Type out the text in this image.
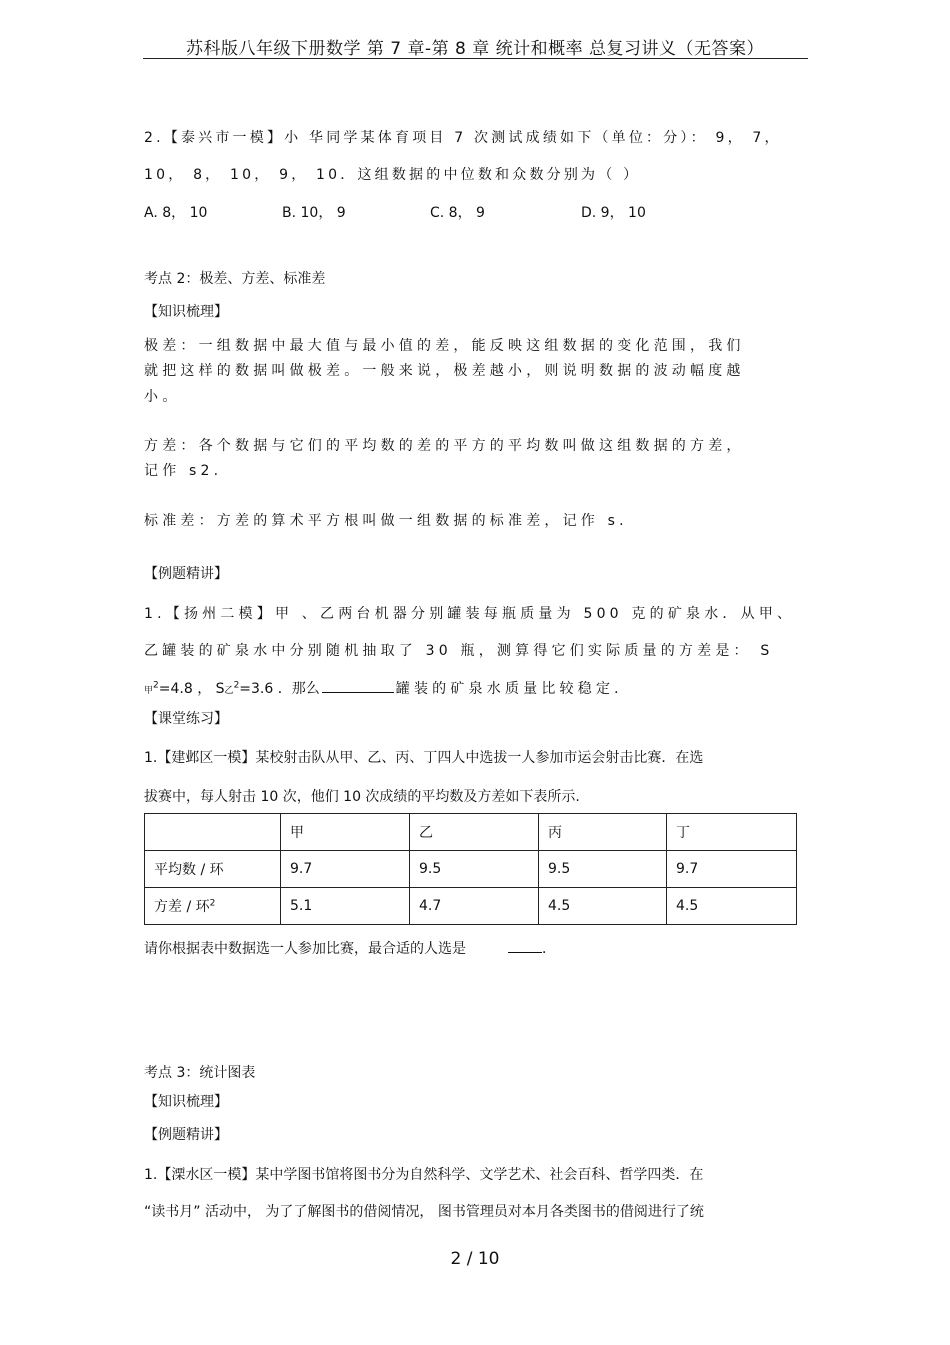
苏科版八年级下册数学 第 7 章-第 8 章 统计和概率 总复习讲义（无答案）
2.【泰兴市一模】小 华同学某体育项目 7 次测试成绩如下（单位：分）： 9， 7，
10， 8， 10， 9， 10．这组数据的中位数和众数分别为（ ）
A. 8， 10	B. 10， 9	C. 8， 9	D. 9， 10
考点 2：极差、方差、标准差
【知识梳理】
极差：一组数据中最大值与最小值的差，能反映这组数据的变化范围，我们
就把这样的数据叫做极差。一般来说，极差越小，则说明数据的波动幅度越
小。
方差：各个数据与它们的平均数的差的平方的平均数叫做这组数据的方差，
记作 s2.
标准差：方差的算术平方根叫做一组数据的标准差，记作 s.
【例题精讲】
1.【扬州二模】甲 、乙两台机器分别罐装每瓶质量为 500 克的矿泉水．从甲、
乙罐装的矿泉水中分别随机抽取了 30 瓶，测算得它们实际质量的方差是： S
甲$^2$=4.8 ， S乙$^2$=3.6 ．那么	罐装的矿泉水质量比较稳定．
【课堂练习】
1.【建邺区一模】某校射击队从甲、乙、丙、丁四人中选拔一人参加市运会射击比赛．在选
拔赛中，每人射击 10 次，他们 10 次成绩的平均数及方差如下表所示.
	甲	乙	丙	丁
平均数 / 环	9.7	9.5	9.5	9.7
方差 / 环$^2$	5.1	4.7	4.5	4.5
请你根据表中数据选一人参加比赛，最合适的人选是	．
考点 3：统计图表
【知识梳理】
【例题精讲】
1.【溧水区一模】某中学图书馆将图书分为自然科学、文学艺术、社会百科、哲学四类．在
“读书月” 活动中， 为了了解图书的借阅情况， 图书管理员对本月各类图书的借阅进行了统
2 / 10
